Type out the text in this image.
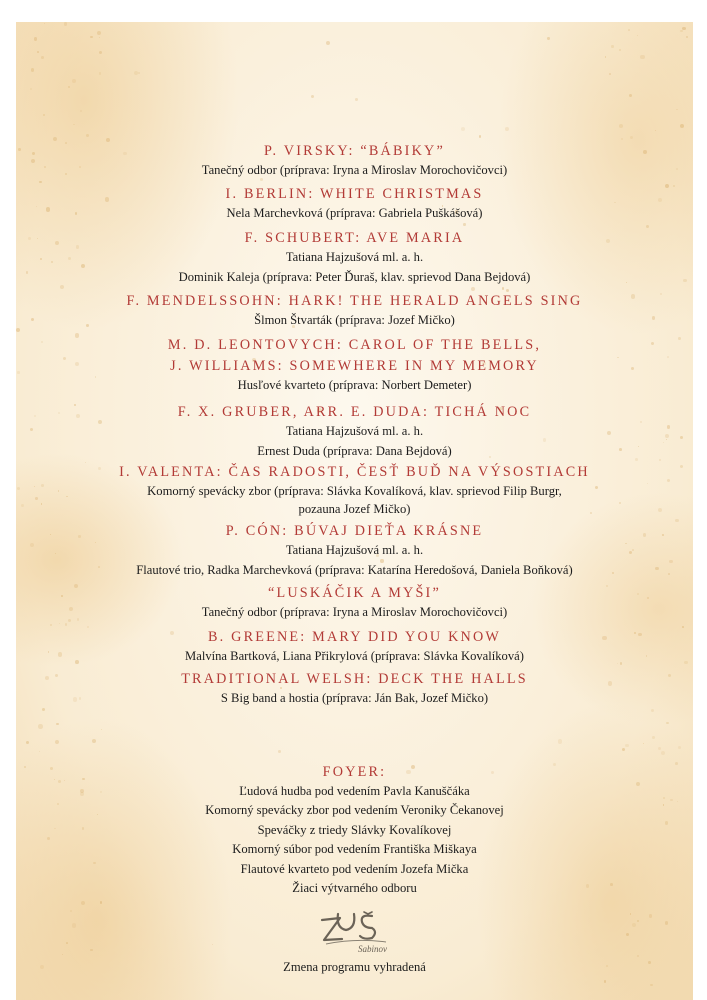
P. VIRSKY: “BÁBIKY”
Tanečný odbor (príprava: Iryna a Miroslav Morochovičovci)
I. BERLIN: WHITE CHRISTMAS
Nela Marchevková (príprava: Gabriela Puškášová)
F. SCHUBERT: AVE MARIA
Tatiana Hajzušová ml. a. h.
Dominik Kaleja (príprava: Peter Ďuraš, klav. sprievod Dana Bejdová)
F. MENDELSSOHN: HARK! THE HERALD ANGELS SING
Šlmon Štvarták (príprava: Jozef Mičko)
M. D. LEONTOVYCH: CAROL OF THE BELLS,
J. WILLIAMS: SOMEWHERE IN MY MEMORY
Husľové kvarteto (príprava: Norbert Demeter)
F. X. GRUBER, ARR. E. DUDA: TICHÁ NOC
Tatiana Hajzušová ml. a. h.
Ernest Duda (príprava: Dana Bejdová)
I. VALENTA: ČAS RADOSTI, ČESŤ BUĎ NA VÝSOSTIACH
Komorný spevácky zbor (príprava: Slávka Kovalíková, klav. sprievod Filip Burgr,
pozauna Jozef Mičko)
P. CÓN: BÚVAJ DIEŤA KRÁSNE
Tatiana Hajzušová ml. a. h.
Flautové trio, Radka Marchevková (príprava: Katarína Heredošová, Daniela Boňková)
“LUSKÁČIK A MYŠI”
Tanečný odbor (príprava: Iryna a Miroslav Morochovičovci)
B. GREENE: MARY DID YOU KNOW
Malvína Bartková, Liana Přikrylová (príprava: Slávka Kovalíková)
TRADITIONAL WELSH: DECK THE HALLS
S Big band a hostia (príprava: Ján Bak, Jozef Mičko)
FOYER:
Ľudová hudba pod vedením Pavla Kanuščáka
Komorný spevácky zbor pod vedením Veroniky Čekanovej
Speváčky z triedy Slávky Kovalíkovej
Komorný súbor pod vedením Františka Miškaya
Flautové kvarteto pod vedením Jozefa Mička
Žiaci výtvarného odboru
Sabinov
Zmena programu vyhradená
